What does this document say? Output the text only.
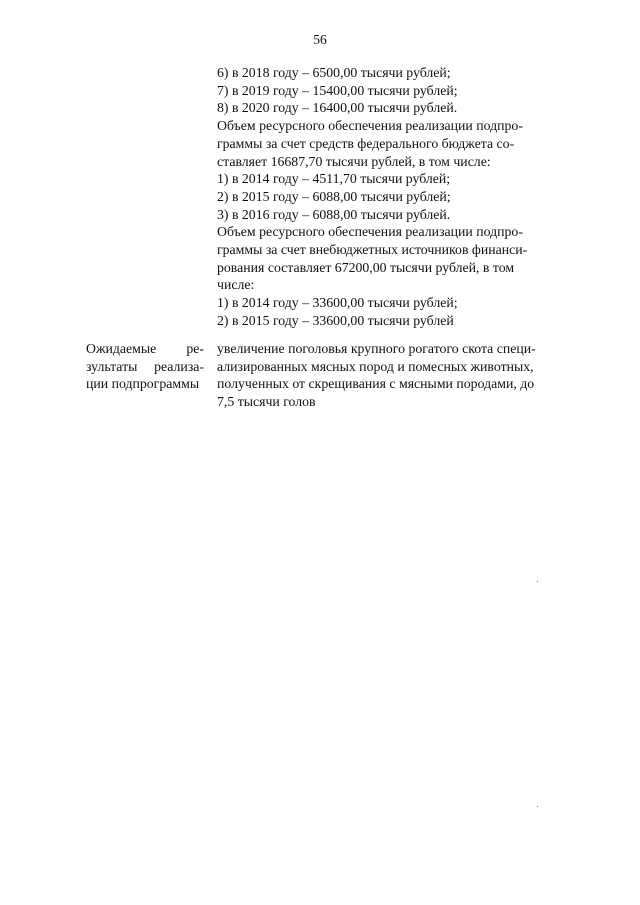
56
6) в 2018 году – 6500,00 тысячи рублей;
7) в 2019 году – 15400,00 тысячи рублей;
8) в 2020 году – 16400,00 тысячи рублей.
Объем ресурсного обеспечения реализации подпро-
граммы за счет средств федерального бюджета со-
ставляет 16687,70 тысячи рублей, в том числе:
1) в 2014 году – 4511,70 тысячи рублей;
2) в 2015 году – 6088,00 тысячи рублей;
3) в 2016 году – 6088,00 тысячи рублей.
Объем ресурсного обеспечения реализации подпро-
граммы за счет внебюджетных источников финанси-
рования составляет 67200,00 тысячи рублей, в том
числе:
1) в 2014 году – 33600,00 тысячи рублей;
2) в 2015 году – 33600,00 тысячи рублей
Ожидаемые ре-
зультаты реализа-
ции подпрограммы
увеличение поголовья крупного рогатого скота специ-
ализированных мясных пород и помесных животных,
полученных от скрещивания с мясными породами, до
7,5 тысячи голов
